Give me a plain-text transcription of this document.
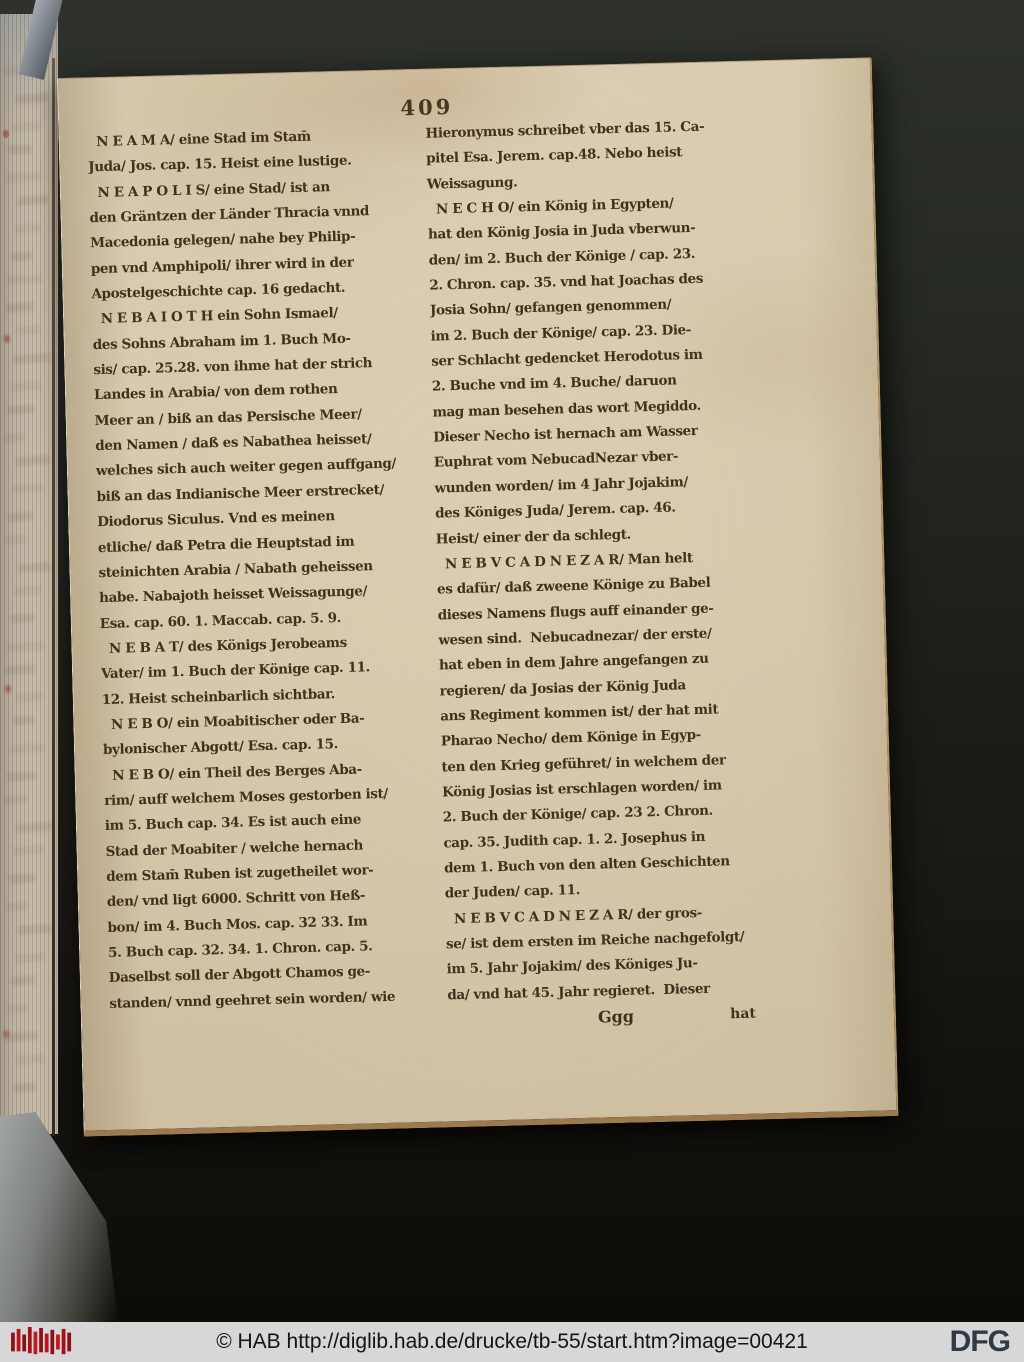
409
N E A M A/ eine Stad im Stam̄
Juda/ Jos. cap. 15. Heist eine lustige.
N E A P O L I S/ eine Stad/ ist an
den Gräntzen der Länder Thracia vnnd
Macedonia gelegen/ nahe bey Philip-
pen vnd Amphipoli/ ihrer wird in der
Apostelgeschichte cap. 16 gedacht.
N E B A I O T H ein Sohn Ismael/
des Sohns Abraham im 1. Buch Mo-
sis/ cap. 25.28. von ihme hat der strich
Landes in Arabia/ von dem rothen
Meer an / biß an das Persische Meer/
den Namen / daß es Nabathea heisset/
welches sich auch weiter gegen auffgang/
biß an das Indianische Meer erstrecket/
Diodorus Siculus. Vnd es meinen
etliche/ daß Petra die Heuptstad im
steinichten Arabia / Nabath geheissen
habe. Nabajoth heisset Weissagunge/
Esa. cap. 60. 1. Maccab. cap. 5. 9.
N E B A T/ des Königs Jerobeams
Vater/ im 1. Buch der Könige cap. 11.
12. Heist scheinbarlich sichtbar.
N E B O/ ein Moabitischer oder Ba-
bylonischer Abgott/ Esa. cap. 15.
N E B O/ ein Theil des Berges Aba-
rim/ auff welchem Moses gestorben ist/
im 5. Buch cap. 34. Es ist auch eine
Stad der Moabiter / welche hernach
dem Stam̄ Ruben ist zugetheilet wor-
den/ vnd ligt 6000. Schritt von Heß-
bon/ im 4. Buch Mos. cap. 32 33. Im
5. Buch cap. 32. 34. 1. Chron. cap. 5.
Daselbst soll der Abgott Chamos ge-
standen/ vnnd geehret sein worden/ wie
Hieronymus schreibet vber das 15. Ca-
pitel Esa. Jerem. cap.48. Nebo heist
Weissagung.
N E C H O/ ein König in Egypten/
hat den König Josia in Juda vberwun-
den/ im 2. Buch der Könige / cap. 23.
2. Chron. cap. 35. vnd hat Joachas des
Josia Sohn/ gefangen genommen/
im 2. Buch der Könige/ cap. 23. Die-
ser Schlacht gedencket Herodotus im
2. Buche vnd im 4. Buche/ daruon
mag man besehen das wort Megiddo.
Dieser Necho ist hernach am Wasser
Euphrat vom NebucadNezar vber-
wunden worden/ im 4 Jahr Jojakim/
des Königes Juda/ Jerem. cap. 46.
Heist/ einer der da schlegt.
N E B V C A D N E Z A R/ Man helt
es dafür/ daß zweene Könige zu Babel
dieses Namens flugs auff einander ge-
wesen sind.  Nebucadnezar/ der erste/
hat eben in dem Jahre angefangen zu
regieren/ da Josias der König Juda
ans Regiment kommen ist/ der hat mit
Pharao Necho/ dem Könige in Egyp-
ten den Krieg geführet/ in welchem der
König Josias ist erschlagen worden/ im
2. Buch der Könige/ cap. 23 2. Chron.
cap. 35. Judith cap. 1. 2. Josephus in
dem 1. Buch von den alten Geschichten
der Juden/ cap. 11.
N E B V C A D N E Z A R/ der gros-
se/ ist dem ersten im Reiche nachgefolgt/
im 5. Jahr Jojakim/ des Königes Ju-
da/ vnd hat 45. Jahr regieret.  Dieser
Ggg	hat
© HAB http://diglib.hab.de/drucke/tb-55/start.htm?image=00421	DFG
